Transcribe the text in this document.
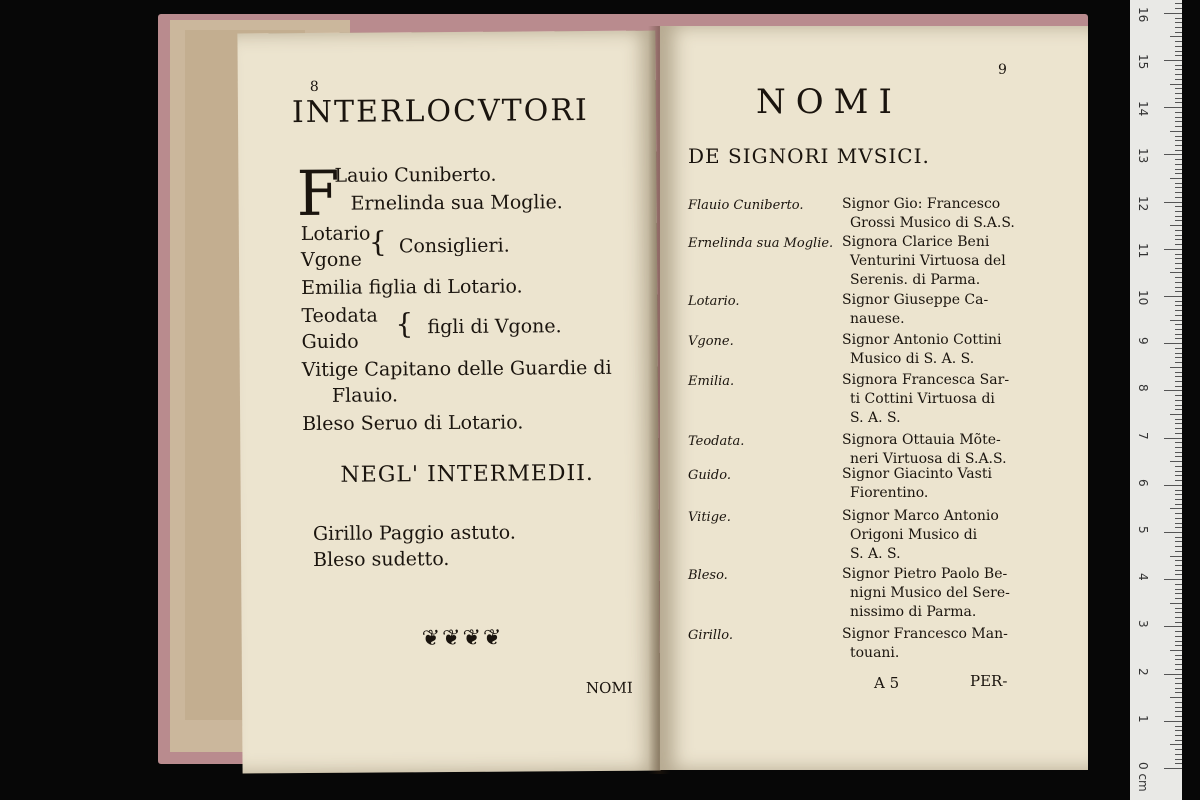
0 cm
1
2
3
4
5
6
7
8
9
10
11
12
13
14
15
16
8
INTERLOCVTORI
F
Lauio Cuniberto.
Ernelinda sua Moglie.
Lotario
Vgone
{ Consiglieri.
Emilia figlia di Lotario.
Teodata
Guido
{ figli di Vgone.
Vitige Capitano delle Guardie di
Flauio.
Bleso Seruo di Lotario.
NEGL' INTERMEDII.
Girillo Paggio astuto.
Bleso sudetto.
❦❦❦❦
NOMI
9
NOMI
DE SIGNORI MVSICI.
A 5	PER-
Flauio Cuniberto.	Signor Gio: Francesco
Grossi Musico di S.A.S.
Ernelinda sua Moglie. Signora Clarice Beni
Venturini Virtuosa del
Serenis. di Parma.
Lotario.	Signor Giuseppe Ca-
nauese.
Vgone.	Signor Antonio Cottini
Musico di S. A. S.
Emilia.	Signora Francesca Sar-
ti Cottini Virtuosa di
S. A. S.
Teodata.	Signora Ottauia Mõte-
neri Virtuosa di S.A.S.
Guido.	Signor Giacinto Vasti
Fiorentino.
Vitige.	Signor Marco Antonio
Origoni Musico di
S. A. S.
Bleso.	Signor Pietro Paolo Be-
nigni Musico del Sere-
nissimo di Parma.
Girillo.	Signor Francesco Man-
touani.
